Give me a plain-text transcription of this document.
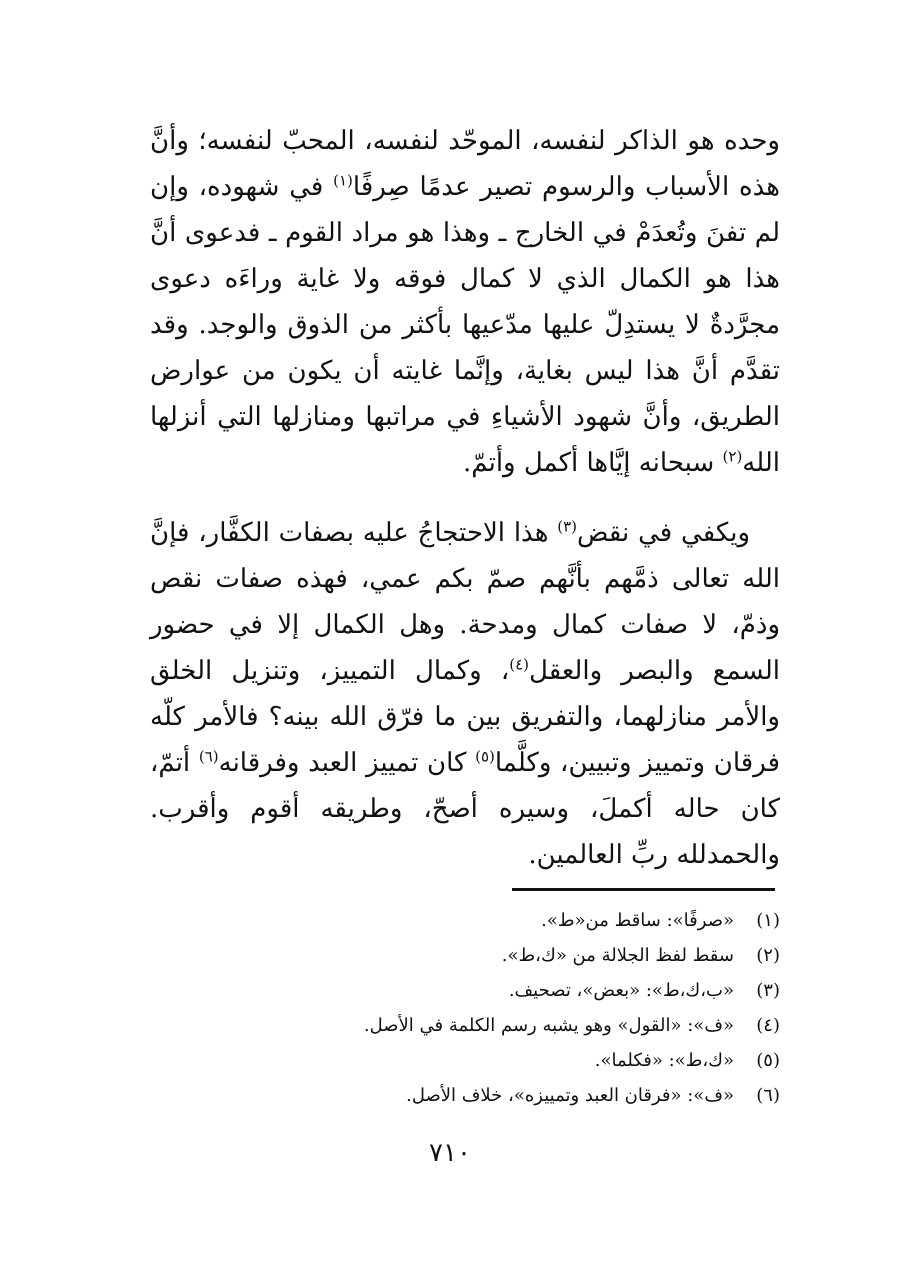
وحده هو الذاكر لنفسه، الموحّد لنفسه، المحبّ لنفسه؛ وأنَّ هذه الأسباب والرسوم تصير عدمًا صِرفًا$^{(١)}$ في شهوده، وإن لم تفنَ وتُعدَمْ في الخارج ـ وهذا هو مراد القوم ـ فدعوى أنَّ هذا هو الكمال الذي لا كمال فوقه ولا غاية وراءَه دعوى مجرَّدةٌ لا يستدِلّ عليها مدّعيها بأكثر من الذوق والوجد. وقد تقدَّم أنَّ هذا ليس بغاية، وإنَّما غايته أن يكون من عوارض الطريق، وأنَّ شهود الأشياءِ في مراتبها ومنازلها التي أنزلها الله$^{(٢)}$ سبحانه إيَّاها أكمل وأتمّ.

ويكفي في نقض$^{(٣)}$ هذا الاحتجاجُ عليه بصفات الكفَّار، فإنَّ الله تعالى ذمَّهم بأنَّهم صمّ بكم عمي، فهذه صفات نقص وذمّ، لا صفات كمال ومدحة. وهل الكمال إلا في حضور السمع والبصر والعقل$^{(٤)}$، وكمال التمييز، وتنزيل الخلق والأمر منازلهما، والتفريق بين ما فرّق الله بينه؟ فالأمر كلّه فرقان وتمييز وتبيين، وكلَّما$^{(٥)}$ كان تمييز العبد وفرقانه$^{(٦)}$ أتمّ، كان حاله أكملَ، وسيره أصحّ، وطريقه أقوم وأقرب. والحمدلله ربِّ العالمين.

(١)«صرفًا»: ساقط من«ط».
(٢)سقط لفظ الجلالة من «ك،ط».
(٣)«ب،ك،ط»: «بعض»، تصحيف.
(٤)«ف»: «القول» وهو يشبه رسم الكلمة في الأصل.
(٥)«ك،ط»: «فكلما».
(٦)«ف»: «فرقان العبد وتمييزه»، خلاف الأصل.
٧١٠
